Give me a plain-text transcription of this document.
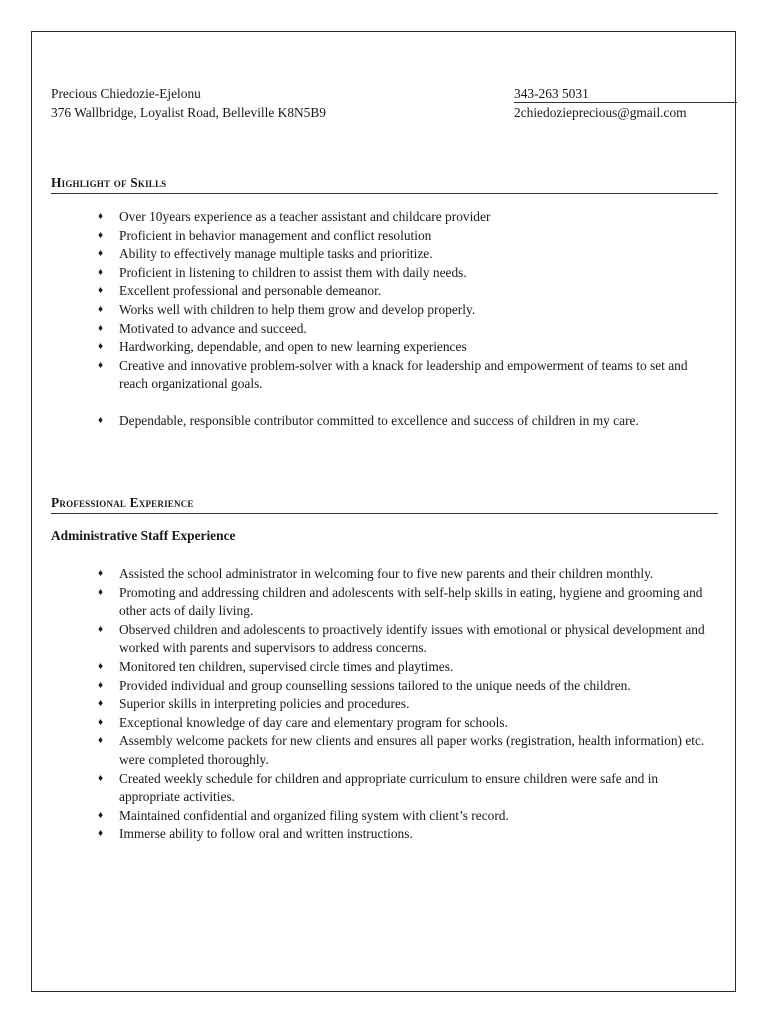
Precious Chiedozie-Ejelonu	343-263 5031
376 Wallbridge, Loyalist Road, Belleville K8N5B9	2chiedozieprecious@gmail.com
Highlight of Skills
♦ Over 10years experience as a teacher assistant and childcare provider
♦ Proficient in behavior management and conflict resolution
♦ Ability to effectively manage multiple tasks and prioritize.
♦ Proficient in listening to children to assist them with daily needs.
♦ Excellent professional and personable demeanor.
♦ Works well with children to help them grow and develop properly.
♦ Motivated to advance and succeed.
♦ Hardworking, dependable, and open to new learning experiences
♦ Creative and innovative problem-solver with a knack for leadership and empowerment of teams to set and reach organizational goals.
♦ Dependable, responsible contributor committed to excellence and success of children in my care.
Professional Experience
Administrative Staff Experience
♦ Assisted the school administrator in welcoming four to five new parents and their children monthly.
♦ Promoting and addressing children and adolescents with self-help skills in eating, hygiene and grooming and other acts of daily living.
♦ Observed children and adolescents to proactively identify issues with emotional or physical development and worked with parents and supervisors to address concerns.
♦ Monitored ten children, supervised circle times and playtimes.
♦ Provided individual and group counselling sessions tailored to the unique needs of the children.
♦ Superior skills in interpreting policies and procedures.
♦ Exceptional knowledge of day care and elementary program for schools.
♦ Assembly welcome packets for new clients and ensures all paper works (registration, health information) etc. were completed thoroughly.
♦ Created weekly schedule for children and appropriate curriculum to ensure children were safe and in appropriate activities.
♦ Maintained confidential and organized filing system with client’s record.
♦ Immerse ability to follow oral and written instructions.
